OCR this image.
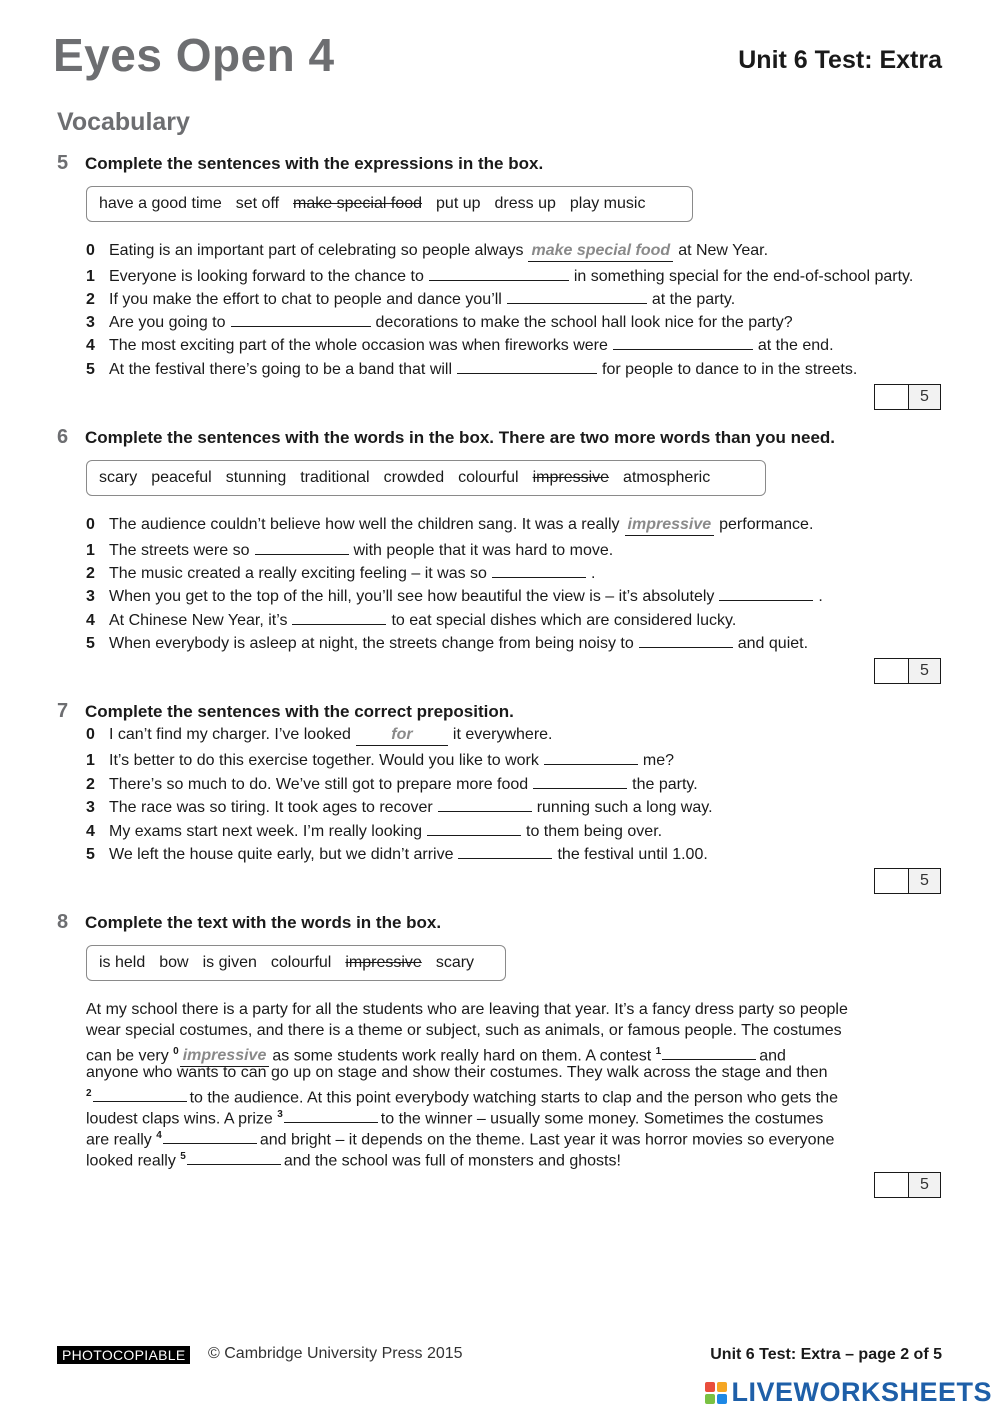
Eyes Open 4	Unit 6 Test: Extra
Vocabulary
5 Complete the sentences with the expressions in the box.
have a good time set off make special food put up dress up play music
0 Eating is an important part of celebrating so people always make special food at New Year.
1 Everyone is looking forward to the chance to	in something special for the end-of-school party.
2 If you make the effort to chat to people and dance you’ll	at the party.
3 Are you going to	decorations to make the school hall look nice for the party?
4 The most exciting part of the whole occasion was when fireworks were	at the end.
5 At the festival there’s going to be a band that will	for people to dance to in the streets.
5
6 Complete the sentences with the words in the box. There are two more words than you need.
scary peaceful stunning traditional crowded colourful impressive atmospheric
0 The audience couldn’t believe how well the children sang. It was a really impressive performance.
1 The streets were so	with people that it was hard to move.
2 The music created a really exciting feeling – it was so	.
3 When you get to the top of the hill, you’ll see how beautiful the view is – it’s absolutely	.
4 At Chinese New Year, it’s	to eat special dishes which are considered lucky.
5 When everybody is asleep at night, the streets change from being noisy to	and quiet.
5
7 Complete the sentences with the correct preposition.
0 I can’t find my charger. I’ve looked	for	it everywhere.
1 It’s better to do this exercise together. Would you like to work	me?
2 There’s so much to do. We’ve still got to prepare more food	the party.
3 The race was so tiring. It took ages to recover	running such a long way.
4 My exams start next week. I’m really looking	to them being over.
5 We left the house quite early, but we didn’t arrive	the festival until 1.00.
5
8 Complete the text with the words in the box.
is held bow is given colourful impressive scary
At my school there is a party for all the students who are leaving that year. It’s a fancy dress party so people
wear special costumes, and there is a theme or subject, such as animals, or famous people. The costumes
can be very $^0$ impressive as some students work really hard on them. A contest $^1$	and
anyone who wants to can go up on stage and show their costumes. They walk across the stage and then
$^2$	to the audience. At this point everybody watching starts to clap and the person who gets the
loudest claps wins. A prize $^3$	to the winner – usually some money. Sometimes the costumes
are really $^4$	and bright – it depends on the theme. Last year it was horror movies so everyone
looked really $^5$	and the school was full of monsters and ghosts!
5
PHOTOCOPIABLE	© Cambridge University Press 2015	Unit 6 Test: Extra – page 2 of 5
LIVEWORKSHEETS
